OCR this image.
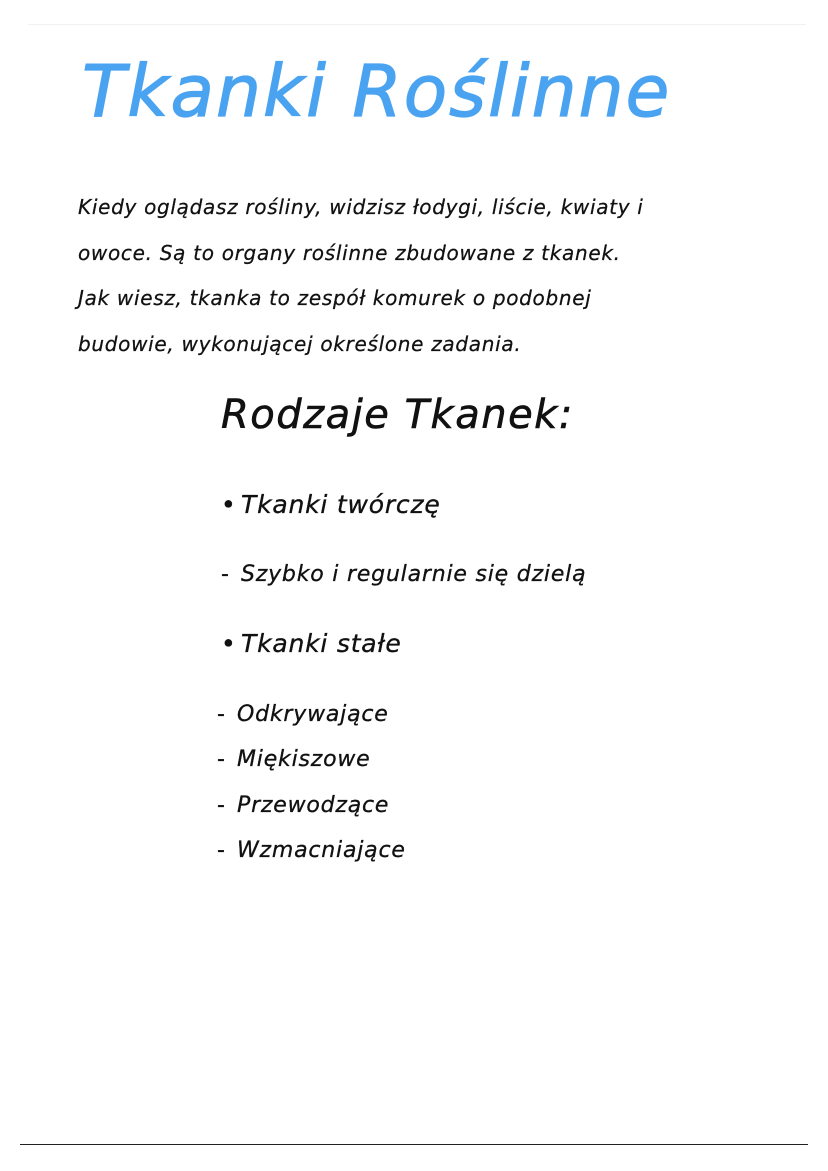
Tkanki Roślinne

Kiedy oglądasz rośliny, widzisz łodygi, liście, kwiaty i
owoce. Są to organy roślinne zbudowane z tkanek.
Jak wiesz, tkanka to zespół komurek o podobnej
budowie, wykonującej określone zadania.

Rodzaje Tkanek:
• Tkanki twórczę
- Szybko i regularnie się dzielą
• Tkanki stałe
- Odkrywające
- Miękiszowe
- Przewodzące
- Wzmacniające
